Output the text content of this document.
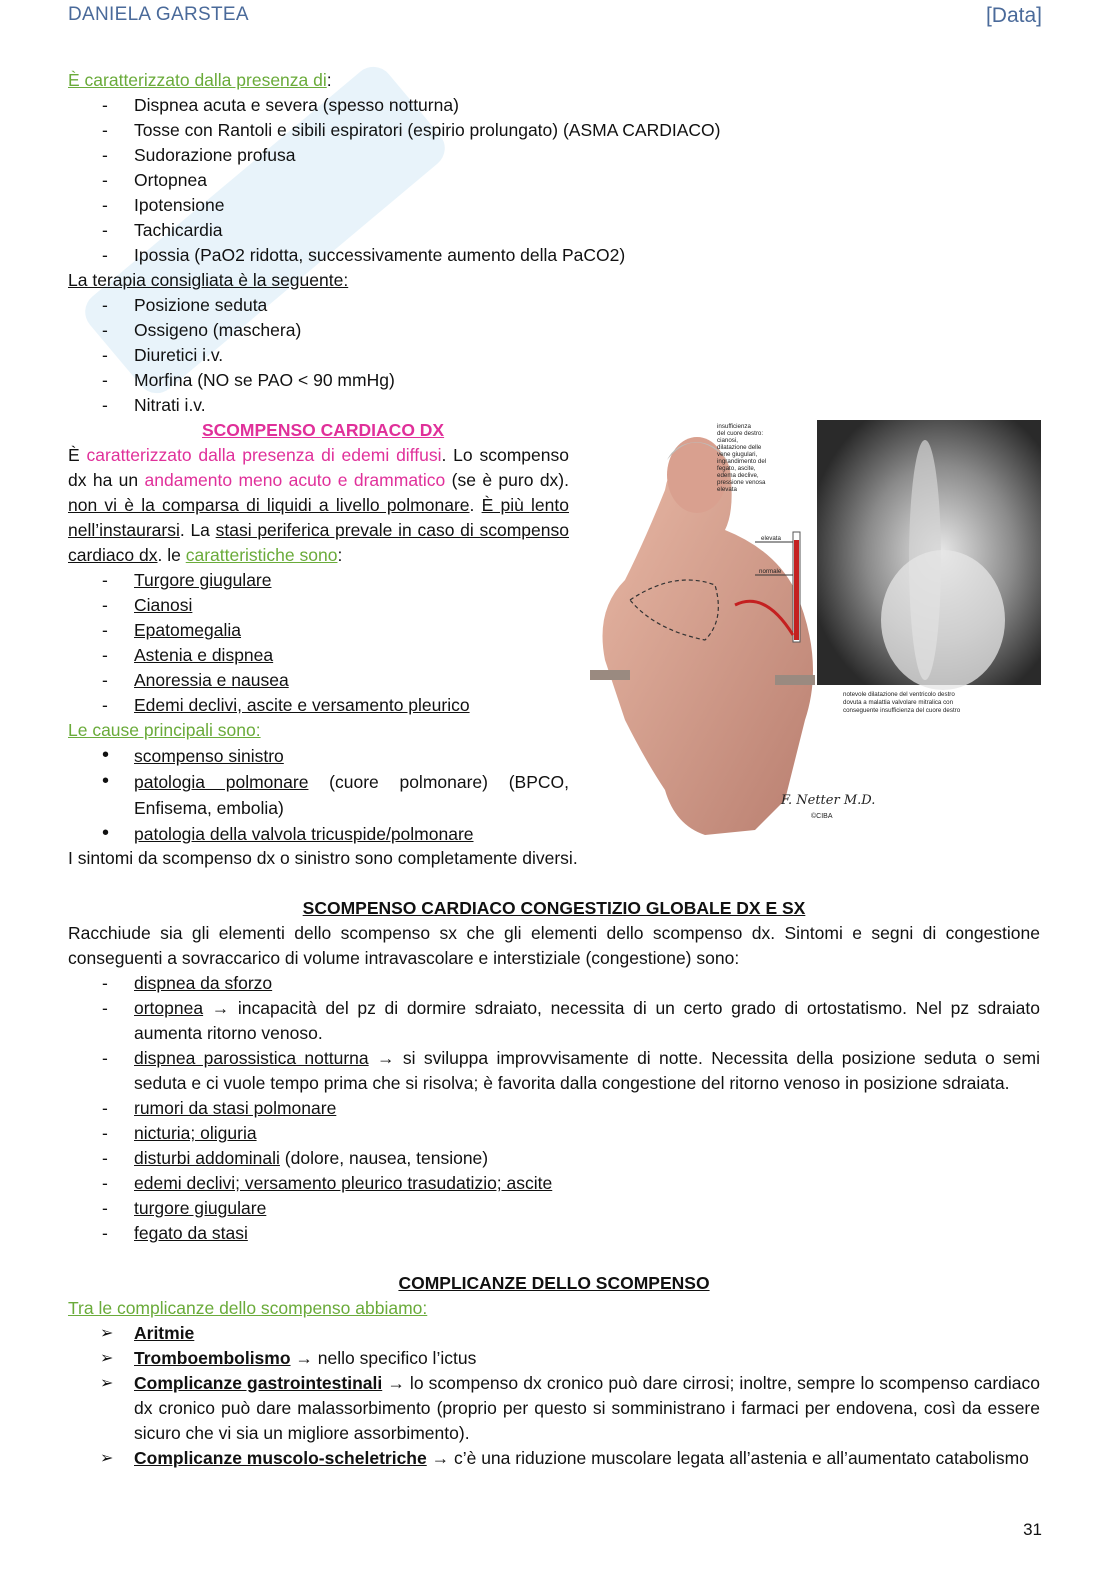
DANIELA GARSTEA	[Data]

È caratterizzato dalla presenza di:

- Dispnea acuta e severa (spesso notturna)
- Tosse con Rantoli e sibili espiratori (espirio prolungato) (ASMA CARDIACO)
- Sudorazione profusa
- Ortopnea
- Ipotensione
- Tachicardia
- Ipossia (PaO2 ridotta, successivamente aumento della PaCO2)

La terapia consigliata è la seguente:

- Posizione seduta
- Ossigeno (maschera)
- Diuretici i.v.
- Morfina (NO se PAO < 90 mmHg)
- Nitrati i.v.

SCOMPENSO CARDIACO DX

È caratterizzato dalla presenza di edemi diffusi. Lo scompenso dx ha un andamento meno acuto e drammatico (se è puro dx). non vi è la comparsa di liquidi a livello polmonare. È più lento nell’instaurarsi. La stasi periferica prevale in caso di scompenso cardiaco dx. le caratteristiche sono:

- Turgore giugulare
- Cianosi
- Epatomegalia
- Astenia e dispnea
- Anoressia e nausea
- Edemi declivi, ascite e versamento pleurico

Le cause principali sono:

• scompenso sinistro
• patologia polmonare (cuore polmonare) (BPCO, Enfisema, embolia)
• patologia della valvola tricuspide/polmonare

I sintomi da scompenso dx o sinistro sono completamente diversi.

insufficienza del cuore destro: cianosi, dilatazione delle vene giugulari, ingrandimento del fegato, ascite, edema declive, pressione venosa elevata
elevata
normale
notevole dilatazione del ventricolo destro dovuta a malattia valvolare mitralica con conseguente insufficienza del cuore destro
F. Netter M.D.
©CIBA

SCOMPENSO CARDIACO CONGESTIZIO GLOBALE DX E SX

Racchiude sia gli elementi dello scompenso sx che gli elementi dello scompenso dx. Sintomi e segni di congestione conseguenti a sovraccarico di volume intravascolare e interstiziale (congestione) sono:

- dispnea da sforzo
- ortopnea → incapacità del pz di dormire sdraiato, necessita di un certo grado di ortostatismo. Nel pz sdraiato aumenta ritorno venoso.
- dispnea parossistica notturna → si sviluppa improvvisamente di notte. Necessita della posizione seduta o semi seduta e ci vuole tempo prima che si risolva; è favorita dalla congestione del ritorno venoso in posizione sdraiata.
- rumori da stasi polmonare
- nicturia; oliguria
- disturbi addominali (dolore, nausea, tensione)
- edemi declivi; versamento pleurico trasudatizio; ascite
- turgore giugulare
- fegato da stasi

COMPLICANZE DELLO SCOMPENSO

Tra le complicanze dello scompenso abbiamo:

➢ Aritmie
➢ Tromboembolismo → nello specifico l’ictus
➢ Complicanze gastrointestinali → lo scompenso dx cronico può dare cirrosi; inoltre, sempre lo scompenso cardiaco dx cronico può dare malassorbimento (proprio per questo si somministrano i farmaci per endovena, così da essere sicuro che vi sia un migliore assorbimento).
➢ Complicanze muscolo-scheletriche → c’è una riduzione muscolare legata all’astenia e all’aumentato catabolismo
31
